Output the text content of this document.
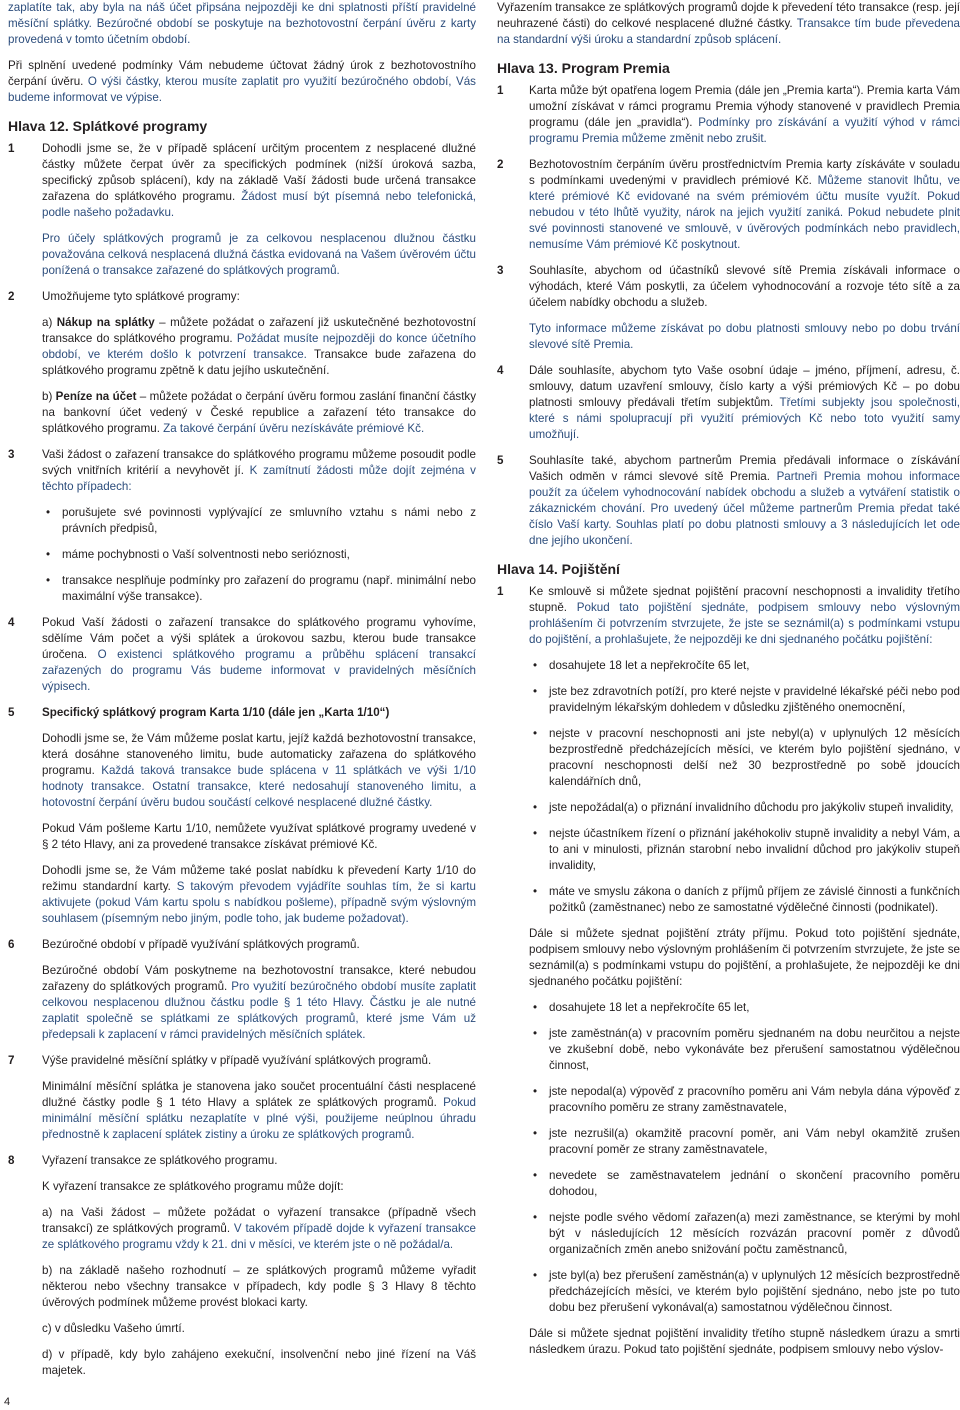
zaplatíte tak, aby byla na náš účet připsána nejpozději ke dni splatnosti příští pravidelné měsíční splátky. Bezúročné období se poskytuje na bezhotovostní čerpání úvěru z karty provedená v tomto účetním období.

Při splnění uvedené podmínky Vám nebudeme účtovat žádný úrok z bezhotovostního čerpání úvěru. O výši částky, kterou musíte zaplatit pro využití bezúročného období, Vás budeme informovat ve výpise.

Hlava 12. Splátkové programy
1	Dohodli jsme se, že v případě splácení určitým procentem z nesplacené dlužné částky můžete čerpat úvěr za specifických podmínek (nižší úroková sazba, specifický způsob splácení), kdy na základě Vaší žádosti bude určená transakce zařazena do splátkového programu. Žádost musí být písemná nebo telefonická, podle našeho požadavku.

Pro účely splátkových programů je za celkovou nesplacenou dlužnou částku považována celková nesplacená dlužná částka evidovaná na Vašem úvěrovém účtu ponížená o transakce zařazené do splátkových programů.

2	Umožňujeme tyto splátkové programy:

a) Nákup na splátky – můžete požádat o zařazení již uskutečněné bezhotovostní transakce do splátkového programu. Požádat musíte nejpozději do konce účetního období, ve kterém došlo k potvrzení transakce. Transakce bude zařazena do splátkového programu zpětně k datu jejího uskutečnění.

b) Peníze na účet – můžete požádat o čerpání úvěru formou zaslání finanční částky na bankovní účet vedený v České republice a zařazení této transakce do splátkového programu. Za takové čerpání úvěru nezískáváte prémiové Kč.

3	Vaši žádost o zařazení transakce do splátkového programu můžeme posoudit podle svých vnitřních kritérií a nevyhovět jí. K zamítnutí žádosti může dojít zejména v těchto případech:

• porušujete své povinnosti vyplývající ze smluvního vztahu s námi nebo z právních předpisů,
• máme pochybnosti o Vaší solventnosti nebo serióznosti,
• transakce nesplňuje podmínky pro zařazení do programu (např. minimální nebo maximální výše transakce).
4	Pokud Vaší žádosti o zařazení transakce do splátkového programu vyhovíme, sdělíme Vám počet a výši splátek a úrokovou sazbu, kterou bude transakce úročena. O existenci splátkového programu a průběhu splácení transakcí zařazených do programu Vás budeme informovat v pravidelných měsíčních výpisech.

5	Specifický splátkový program Karta 1/10 (dále jen „Karta 1/10“)

Dohodli jsme se, že Vám můžeme poslat kartu, jejíž každá bezhotovostní transakce, která dosáhne stanoveného limitu, bude automaticky zařazena do splátkového programu. Každá taková transakce bude splácena v 11 splátkách ve výši 1/10 hodnoty transakce. Ostatní transakce, které nedosahují stanoveného limitu, a hotovostní čerpání úvěru budou součástí celkové nesplacené dlužné částky.

Pokud Vám pošleme Kartu 1/10, nemůžete využívat splátkové programy uvedené v § 2 této Hlavy, ani za provedené transakce získávat prémiové Kč.

Dohodli jsme se, že Vám můžeme také poslat nabídku k převedení Karty 1/10 do režimu standardní karty. S takovým převodem vyjádříte souhlas tím, že si kartu aktivujete (pokud Vám kartu spolu s nabídkou pošleme), případně svým výslovným souhlasem (písemným nebo jiným, podle toho, jak budeme požadovat).

6	Bezúročné období v případě využívání splátkových programů.

Bezúročné období Vám poskytneme na bezhotovostní transakce, které nebudou zařazeny do splátkových programů. Pro využití bezúročného období musíte zaplatit celkovou nesplacenou dlužnou částku podle § 1 této Hlavy. Částku je ale nutné zaplatit společně se splátkami ze splátkových programů, které jsme Vám už předepsali k zaplacení v rámci pravidelných měsíčních splátek.

7	Výše pravidelné měsíční splátky v případě využívání splátkových programů.

Minimální měsíční splátka je stanovena jako součet procentuální části nesplacené dlužné částky podle § 1 této Hlavy a splátek ze splátkových programů. Pokud minimální měsíční splátku nezaplatíte v plné výši, použijeme neúplnou úhradu přednostně k zaplacení splátek zistiny a úroku ze splátkových programů.

8	Vyřazení transakce ze splátkového programu.

K vyřazení transakce ze splátkového programu může dojít:

a) na Vaši žádost – můžete požádat o vyřazení transakce (případně všech transakcí) ze splátkových programů. V takovém případě dojde k vyřazení transakce ze splátkového programu vždy k 21. dni v měsíci, ve kterém jste o ně požádal/a.

b) na základě našeho rozhodnutí – ze splátkových programů můžeme vyřadit některou nebo všechny transakce v případech, kdy podle § 3 Hlavy 8 těchto úvěrových podmínek můžeme provést blokaci karty.

c) v důsledku Vašeho úmrtí.

d) v případě, kdy bylo zahájeno exekuční, insolvenční nebo jiné řízení na Váš majetek.

Vyřazením transakce ze splátkových programů dojde k převedení této transakce (resp. její neuhrazené části) do celkové nesplacené dlužné částky. Transakce tím bude převedena na standardní výši úroku a standardní způsob splácení.

Hlava 13. Program Premia
1	Karta může být opatřena logem Premia (dále jen „Premia karta“). Premia karta Vám umožní získávat v rámci programu Premia výhody stanovené v pravidlech Premia programu (dále jen „pravidla“). Podmínky pro získávání a využití výhod v rámci programu Premia můžeme změnit nebo zrušit.

2	Bezhotovostním čerpáním úvěru prostřednictvím Premia karty získáváte v souladu s podmínkami uvedenými v pravidlech prémiové Kč. Můžeme stanovit lhůtu, ve které prémiové Kč evidované na svém prémiovém účtu musíte využít. Pokud nebudou v této lhůtě využity, nárok na jejich využití zaniká. Pokud nebudete plnit své povinnosti stanovené ve smlouvě, v úvěrových podmínkách nebo pravidlech, nemusíme Vám prémiové Kč poskytnout.

3	Souhlasíte, abychom od účastníků slevové sítě Premia získávali informace o výhodách, které Vám poskytli, za účelem vyhodnocování a rozvoje této sítě a za účelem nabídky obchodu a služeb.

Tyto informace můžeme získávat po dobu platnosti smlouvy nebo po dobu trvání slevové sítě Premia.

4	Dále souhlasíte, abychom tyto Vaše osobní údaje – jméno, příjmení, adresu, č. smlouvy, datum uzavření smlouvy, číslo karty a výši prémiových Kč – po dobu platnosti smlouvy předávali třetím subjektům. Třetími subjekty jsou společnosti, které s námi spolupracují při využití prémiových Kč nebo toto využití samy umožňují.

5	Souhlasíte také, abychom partnerům Premia předávali informace o získávání Vašich odměn v rámci slevové sítě Premia. Partneři Premia mohou informace použít za účelem vyhodnocování nabídek obchodu a služeb a vytváření statistik o zákaznickém chování. Pro uvedený účel můžeme partnerům Premia předat také číslo Vaší karty. Souhlas platí po dobu platnosti smlouvy a 3 následujících let ode dne jejího ukončení.

Hlava 14. Pojištění
1	Ke smlouvě si můžete sjednat pojištění pracovní neschopnosti a invalidity třetího stupně. Pokud tato pojištění sjednáte, podpisem smlouvy nebo výslovným prohlášením či potvrzením stvrzujete, že jste se seznámil(a) s podmínkami vstupu do pojištění, a prohlašujete, že nejpozději ke dni sjednaného počátku pojištění:

• dosahujete 18 let a nepřekročíte 65 let,
• jste bez zdravotních potíží, pro které nejste v pravidelné lékařské péči nebo pod pravidelným lékařským dohledem v důsledku zjištěného onemocnění,
• nejste v pracovní neschopnosti ani jste nebyl(a) v uplynulých 12 měsících bezprostředně předcházejících měsíci, ve kterém bylo pojištění sjednáno, v pracovní neschopnosti delší než 30 bezprostředně po sobě jdoucích kalendářních dnů,
• jste nepožádal(a) o přiznání invalidního důchodu pro jakýkoliv stupeň invalidity,
• nejste účastníkem řízení o přiznání jakéhokoliv stupně invalidity a nebyl Vám, a to ani v minulosti, přiznán starobní nebo invalidní důchod pro jakýkoliv stupeň invalidity,
• máte ve smyslu zákona o daních z příjmů příjem ze závislé činnosti a funkčních požitků (zaměstnanec) nebo ze samostatné výdělečné činnosti (podnikatel).

Dále si můžete sjednat pojištění ztráty příjmu. Pokud toto pojištění sjednáte, podpisem smlouvy nebo výslovným prohlášením či potvrzením stvrzujete, že jste se seznámil(a) s podmínkami vstupu do pojištění, a prohlašujete, že nejpozději ke dni sjednaného počátku pojištění:

• dosahujete 18 let a nepřekročíte 65 let,
• jste zaměstnán(a) v pracovním poměru sjednaném na dobu neurčitou a nejste ve zkušební době, nebo vykonáváte bez přerušení samostatnou výdělečnou činnost,
• jste nepodal(a) výpověď z pracovního poměru ani Vám nebyla dána výpověď z pracovního poměru ze strany zaměstnavatele,
• jste nezrušil(a) okamžitě pracovní poměr, ani Vám nebyl okamžitě zrušen pracovní poměr ze strany zaměstnavatele,
• nevedete se zaměstnavatelem jednání o skončení pracovního poměru dohodou,
• nejste podle svého vědomí zařazen(a) mezi zaměstnance, se kterými by mohl být v následujících 12 měsících rozvázán pracovní poměr z důvodů organizačních změn anebo snižování počtu zaměstnanců,
• jste byl(a) bez přerušení zaměstnán(a) v uplynulých 12 měsících bezprostředně předcházejících měsíci, ve kterém bylo pojištění sjednáno, nebo jste po tuto dobu bez přerušení vykonával(a) samostatnou výdělečnou činnost.

Dále si můžete sjednat pojištění invalidity třetího stupně následkem úrazu a smrti následkem úrazu. Pokud tato pojištění sjednáte, podpisem smlouvy nebo výslov-

4
